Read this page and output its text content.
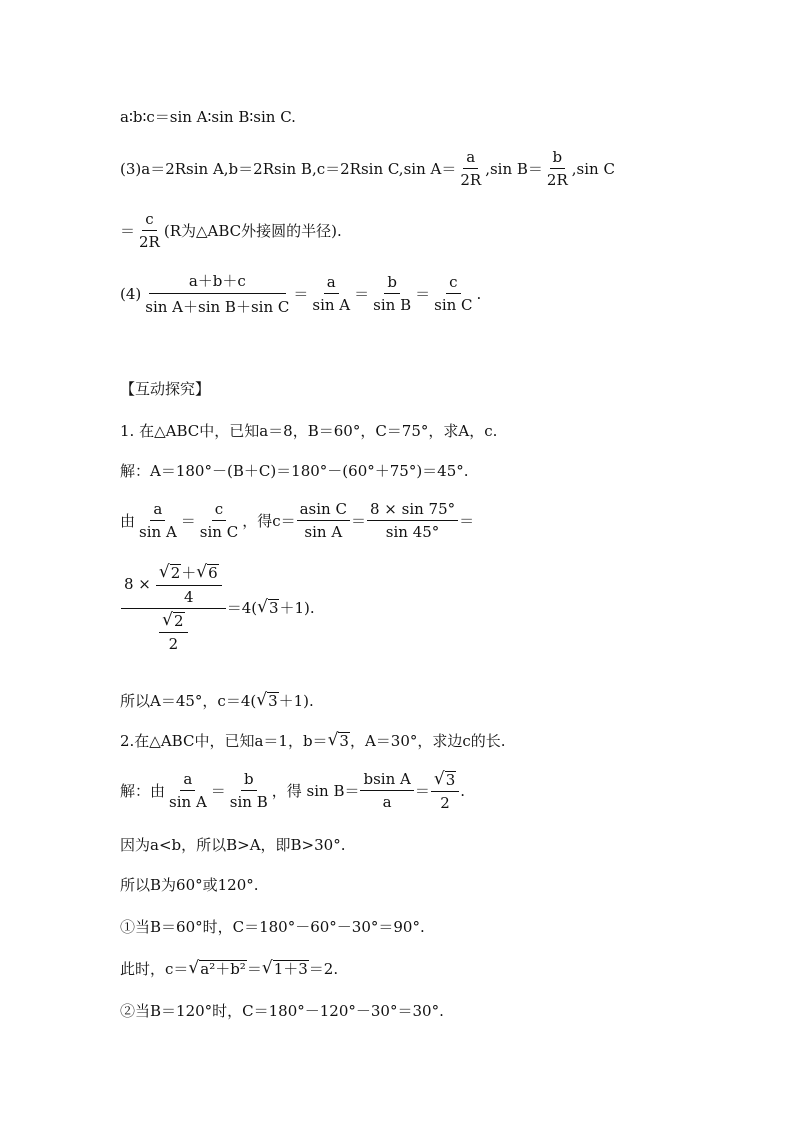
a∶b∶c＝sin A∶sin B∶sin C.
(3)a＝2Rsin A,b＝2Rsin B,c＝2Rsin C,sin $A= \frac{a}{2R} ,\sin$ $B= \frac{b}{2R} ,\sin$ C
＝ $\frac{c}{2R} (R$为△ABC外接圆的半径).
$(4) \frac{a+b+c}{\text{sin A＋sin B＋sin C}} = \frac{a}{\text{sin A}} = \frac{b}{\text{sin B}} = \frac{c}{\text{sin C}}$ .
【互动探究】
1. 在△ABC中，已知a＝8，B＝60°，C＝75°，求A，c.
解：A＝180°－(B＋C)＝180°－(60°＋75°)＝45°.
由 $\frac{a}{\text{sin A}} = \frac{c}{\text{sin C}}$ ，得$c= \frac{\text{asin C}}{\text{sin A}} = \frac{8 \times \sin 75^\circ}{\sin 45^\circ}$ ＝
$8 \times \frac{√ 2 + √ 6}{4}$
$\frac{√ 2}{2}$
＝4( √ 3 ＋1).
所以A＝45°，c＝4( √ 3 ＋1).
2.在△ABC中，已知a＝1，b＝ √ 3 ，A＝30°，求边c的长.
解：由 $\frac{a}{\text{sin A}} = \frac{b}{\text{sin B}}$ ，得 $\sin B= \frac{\text{bsin A}}{a} = \frac{√ 3}{2}$ .
因为a<b，所以B>A，即B>30°.
所以B为60°或120°.
①当B＝60°时，C＝180°－60°－30°＝90°.
此时，c＝ √ a²＋b² ＝ √ 1＋3 ＝2.
②当B＝120°时，C＝180°－120°－30°＝30°.
